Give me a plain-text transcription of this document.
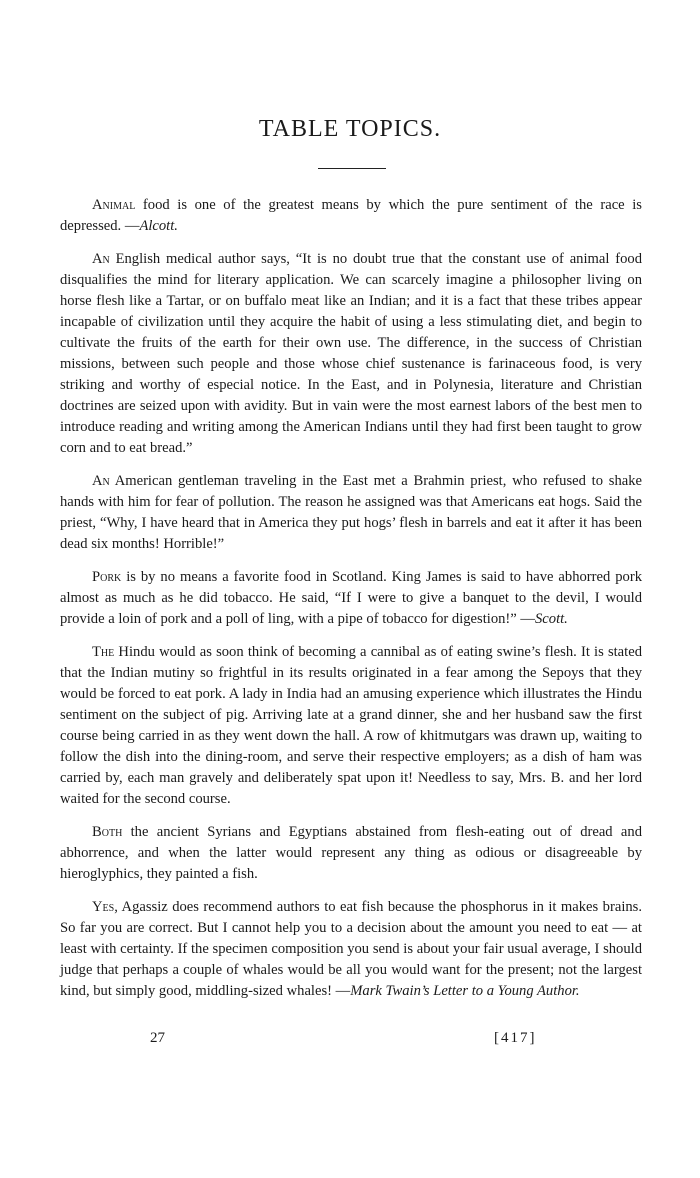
TABLE TOPICS.

Animal food is one of the greatest means by which the pure sentiment of the race is depressed. —Alcott.

An English medical author says, “It is no doubt true that the constant use of animal food disqualifies the mind for literary application. We can scarcely imagine a philosopher living on horse flesh like a Tartar, or on buffalo meat like an Indian; and it is a fact that these tribes appear incapable of civilization until they acquire the habit of using a less stimulating diet, and begin to cultivate the fruits of the earth for their own use. The difference, in the success of Christian missions, between such people and those whose chief sustenance is farinaceous food, is very striking and worthy of especial notice. In the East, and in Polynesia, literature and Christian doctrines are seized upon with avidity. But in vain were the most earnest labors of the best men to introduce reading and writing among the American Indians until they had first been taught to grow corn and to eat bread.”

An American gentleman traveling in the East met a Brahmin priest, who refused to shake hands with him for fear of pollution. The reason he assigned was that Americans eat hogs. Said the priest, “Why, I have heard that in America they put hogs’ flesh in barrels and eat it after it has been dead six months! Horrible!”

Pork is by no means a favorite food in Scotland. King James is said to have abhorred pork almost as much as he did tobacco. He said, “If I were to give a banquet to the devil, I would provide a loin of pork and a poll of ling, with a pipe of tobacco for digestion!” —Scott.

The Hindu would as soon think of becoming a cannibal as of eating swine’s flesh. It is stated that the Indian mutiny so frightful in its results originated in a fear among the Sepoys that they would be forced to eat pork. A lady in India had an amusing experience which illustrates the Hindu sentiment on the subject of pig. Arriving late at a grand dinner, she and her husband saw the first course being carried in as they went down the hall. A row of khitmutgars was drawn up, waiting to follow the dish into the dining-room, and serve their respective employers; as a dish of ham was carried by, each man gravely and deliberately spat upon it! Needless to say, Mrs. B. and her lord waited for the second course.

Both the ancient Syrians and Egyptians abstained from flesh-eating out of dread and abhorrence, and when the latter would represent any thing as odious or disagreeable by hieroglyphics, they painted a fish.

Yes, Agassiz does recommend authors to eat fish because the phosphorus in it makes brains. So far you are correct. But I cannot help you to a decision about the amount you need to eat — at least with certainty. If the specimen composition you send is about your fair usual average, I should judge that perhaps a couple of whales would be all you would want for the present; not the largest kind, but simply good, middling-sized whales! —Mark Twain’s Letter to a Young Author.

27	[417]
